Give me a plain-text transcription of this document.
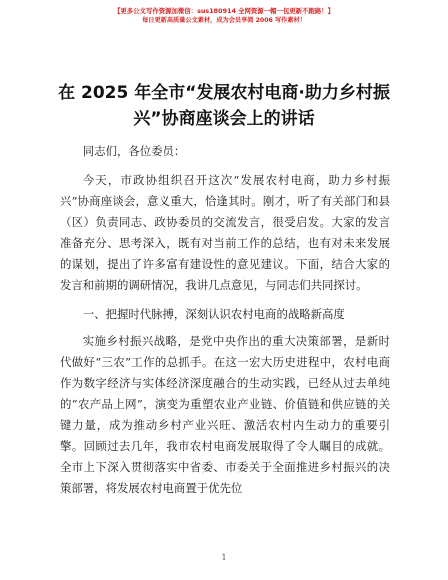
【更多公文写作资源加微信：sus180914 全网资源一帽一包更新不跑路！】
每日更新高质量公文素材，成为会员享阅 2006 写作素材！
在 2025 年全市“发展农村电商·助力乡村振兴”协商座谈会上的讲话

同志们，各位委员：

今天，市政协组织召开这次“发展农村电商，助力乡村振兴”协商座谈会，意义重大，恰逢其时。刚才，听了有关部门和县（区）负责同志、政协委员的交流发言，很受启发。大家的发言准备充分、思考深入，既有对当前工作的总结，也有对未来发展的谋划，提出了许多富有建设性的意见建议。下面，结合大家的发言和前期的调研情况，我讲几点意见，与同志们共同探讨。

一、把握时代脉搏，深刻认识农村电商的战略新高度

实施乡村振兴战略，是党中央作出的重大决策部署，是新时代做好“三农”工作的总抓手。在这一宏大历史进程中，农村电商作为数字经济与实体经济深度融合的生动实践，已经从过去单纯的“农产品上网”，演变为重塑农业产业链、价值链和供应链的关键力量，成为推动乡村产业兴旺、激活农村内生动力的重要引擎。回顾过去几年，我市农村电商发展取得了令人瞩目的成就。全市上下深入贯彻落实中省委、市委关于全面推进乡村振兴的决策部署，将发展农村电商置于优先位

1
